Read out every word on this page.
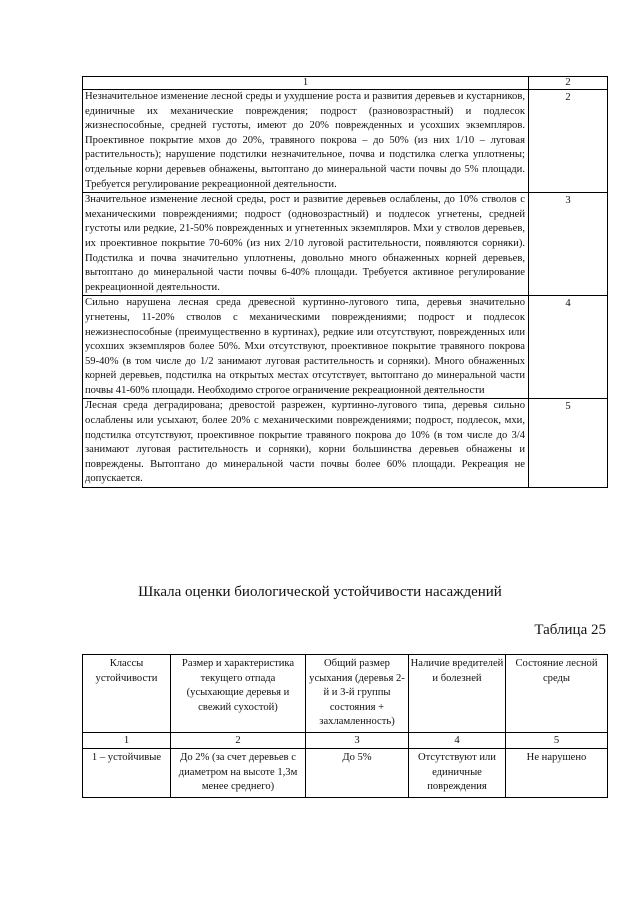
1	2
Незначительное изменение лесной среды и ухудшение роста и развития деревьев и кустарников, единичные их механические повреждения; подрост (разновозрастный) и подлесок жизнеспособные, средней густоты, имеют до 20% поврежденных и усохших экземпляров. Проективное покрытие мхов до 20%, травяного покрова – до 50% (из них 1/10 – луговая растительность); нарушение подстилки незначительное, почва и подстилка слегка уплотнены; отдельные корни деревьев обнажены, вытоптано до минеральной части почвы до 5% площади. Требуется регулирование рекреационной деятельности.	2
Значительное изменение лесной среды, рост и развитие деревьев ослаблены, до 10% стволов с механическими повреждениями; подрост (одновозрастный) и подлесок угнетены, средней густоты или редкие, 21-50% поврежденных и угнетенных экземпляров. Мхи у стволов деревьев, их проективное покрытие 70-60% (из них 2/10 луговой растительности, появляются сорняки). Подстилка и почва значительно уплотнены, довольно много обнаженных корней деревьев, вытоптано до минеральной части почвы 6-40% площади. Требуется активное регулирование рекреационной деятельности.	3
Сильно нарушена лесная среда древесной куртинно-лугового типа, деревья значительно угнетены, 11-20% стволов с механическими повреждениями; подрост и подлесок нежизнеспособные (преимущественно в куртинах), редкие или отсутствуют, поврежденных или усохших экземпляров более 50%. Мхи отсутствуют, проективное покрытие травяного покрова 59-40% (в том числе до 1/2 занимают луговая растительность и сорняки). Много обнаженных корней деревьев, подстилка на открытых местах отсутствует, вытоптано до минеральной части почвы 41-60% площади. Необходимо строгое ограничение рекреационной деятельности	4
Лесная среда деградирована; древостой разрежен, куртинно-лугового типа, деревья сильно ослаблены или усыхают, более 20% с механическими повреждениями; подрост, подлесок, мхи, подстилка отсутствуют, проективное покрытие травяного покрова до 10% (в том числе до 3/4 занимают луговая растительность и сорняки), корни большинства деревьев обнажены и повреждены. Вытоптано до минеральной части почвы более 60% площади. Рекреация не допускается.	5
Шкала оценки биологической устойчивости насаждений
Таблица 25
Классы устойчивости	Размер и характеристика текущего отпада (усыхающие деревья и свежий сухостой)	Общий размер усыхания (деревья 2-й и 3-й группы состояния + захламленность)	Наличие вредителей и болезней	Состояние лесной среды
1	2	3	4	5
1 – устойчивые	До 2% (за счет деревьев с диаметром на высоте 1,3м менее среднего)	До 5%	Отсутствуют или единичные повреждения	Не нарушено
